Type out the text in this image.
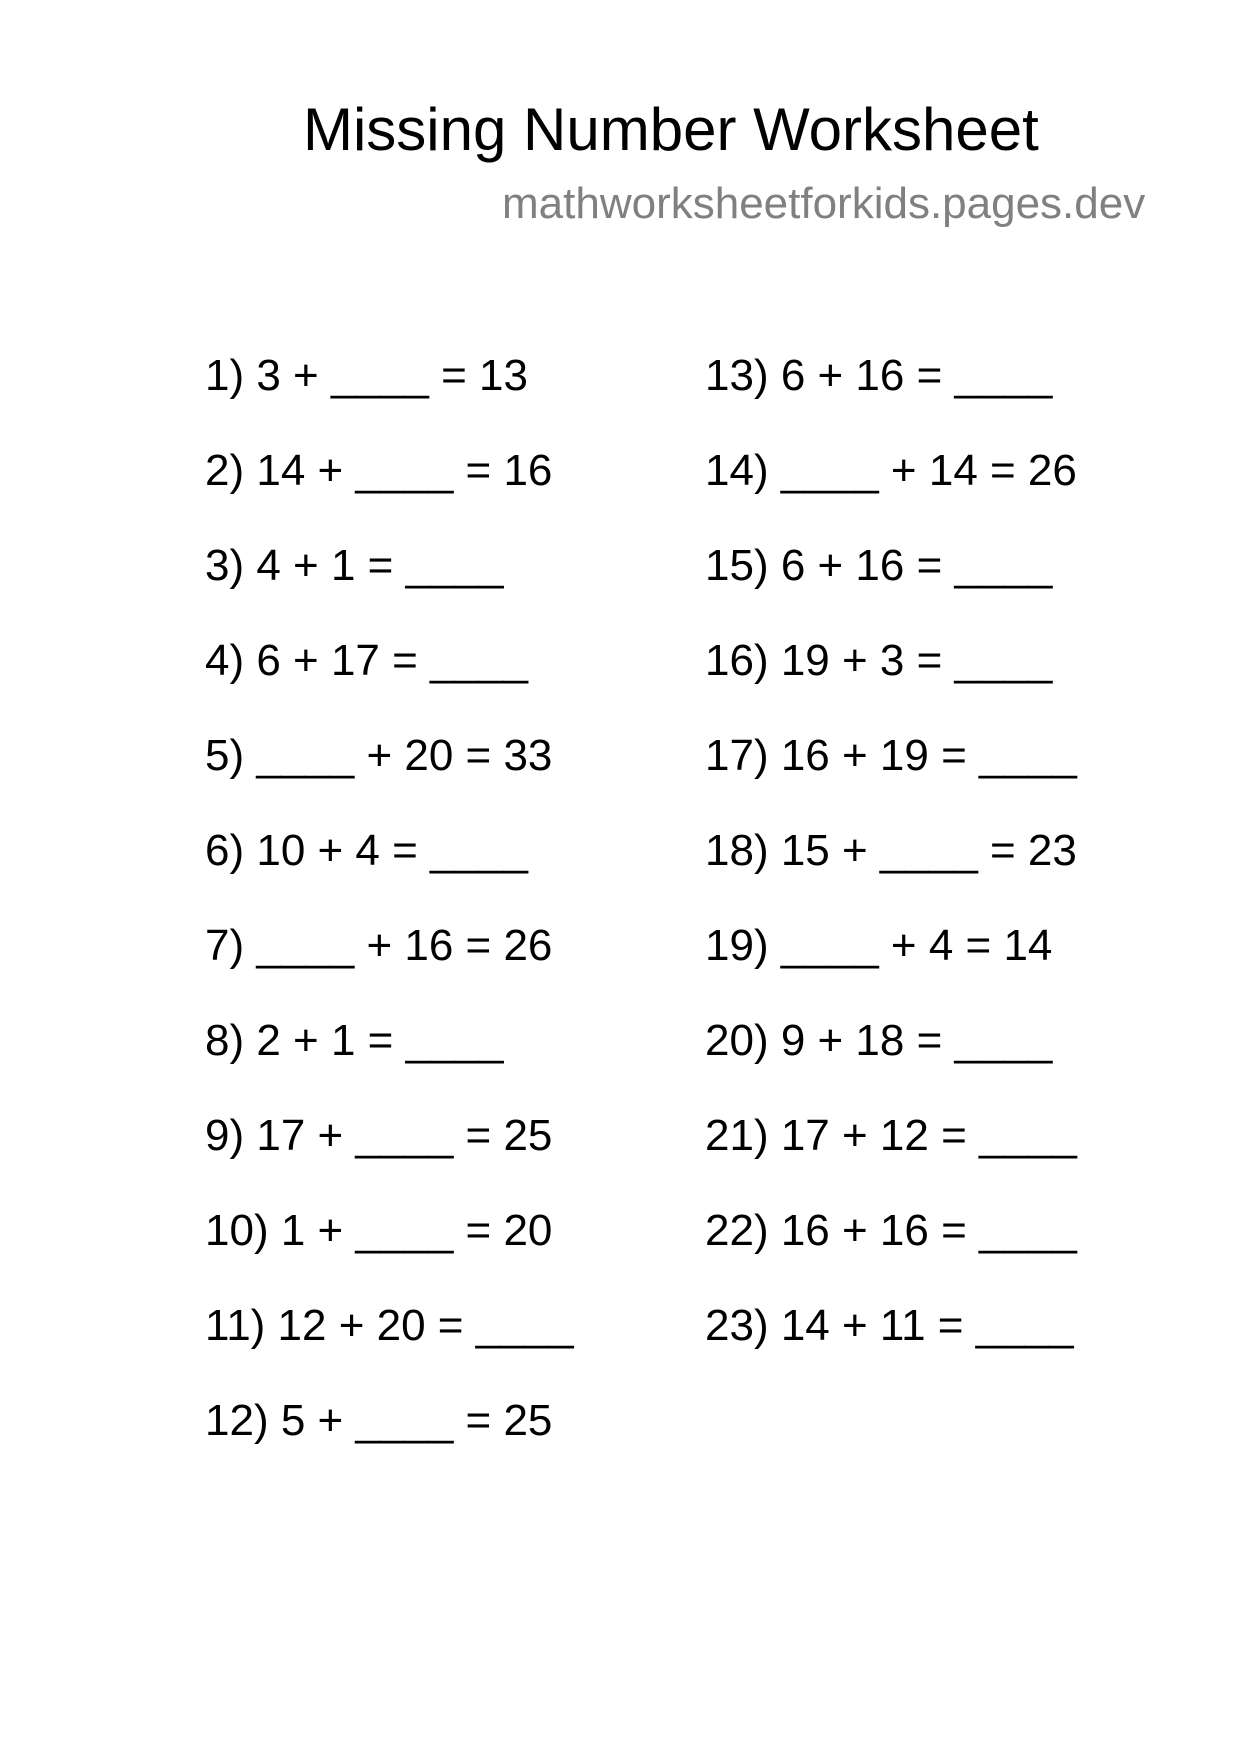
Missing Number Worksheet
mathworksheetforkids.pages.dev
1) 3 + ____ = 13
2) 14 + ____ = 16
3) 4 + 1 = ____
4) 6 + 17 = ____
5) ____ + 20 = 33
6) 10 + 4 = ____
7) ____ + 16 = 26
8) 2 + 1 = ____
9) 17 + ____ = 25
10) 1 + ____ = 20
11) 12 + 20 = ____
12) 5 + ____ = 25
13) 6 + 16 = ____
14) ____ + 14 = 26
15) 6 + 16 = ____
16) 19 + 3 = ____
17) 16 + 19 = ____
18) 15 + ____ = 23
19) ____ + 4 = 14
20) 9 + 18 = ____
21) 17 + 12 = ____
22) 16 + 16 = ____
23) 14 + 11 = ____
